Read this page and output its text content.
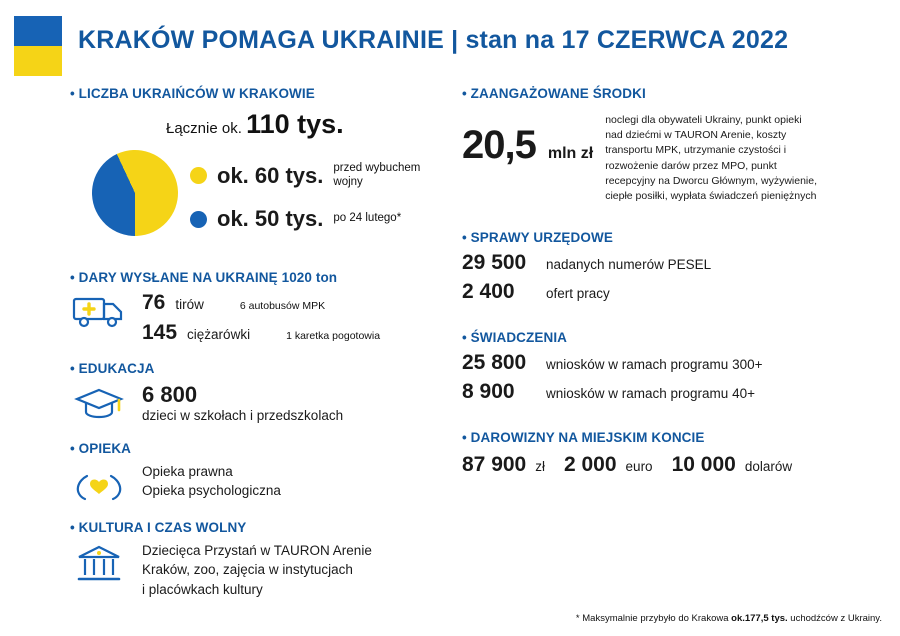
KRAKÓW POMAGA UKRAINIE | stan na 17 CZERWCA 2022
• LICZBA UKRAIŃCÓW W KRAKOWIE
Łącznie ok. 110 tys.
ok. 60 tys. przed wybuchem wojny
ok. 50 tys. po 24 lutego*
• DARY WYSŁANE NA UKRAINĘ 1020 ton
76 tirów	6 autobusów MPK
145 ciężarówki	1 karetka pogotowia
• EDUKACJA
6 800
dzieci w szkołach i przedszkolach
• OPIEKA
Opieka prawna
Opieka psychologiczna
• KULTURA I CZAS WOLNY
Dziecięca Przystań w TAURON Arenie
Kraków, zoo, zajęcia w instytucjach
i placówkach kultury
• ZAANGAŻOWANE ŚRODKI
20,5 mln zł
noclegi dla obywateli Ukrainy, punkt opieki nad dziećmi w TAURON Arenie, koszty transportu MPK, utrzymanie czystości i rozwożenie darów przez MPO, punkt recepcyjny na Dworcu Głównym, wyżywienie, ciepłe posiłki, wypłata świadczeń pieniężnych
• SPRAWY URZĘDOWE
29 500	nadanych numerów PESEL
2 400	ofert pracy
• ŚWIADCZENIA
25 800	wniosków w ramach programu 300+
8 900	wniosków w ramach programu 40+
• DAROWIZNY NA MIEJSKIM KONCIE
87 900 zł 2 000 euro 10 000 dolarów
* Maksymalnie przybyło do Krakowa ok.177,5 tys. uchodźców z Ukrainy.
